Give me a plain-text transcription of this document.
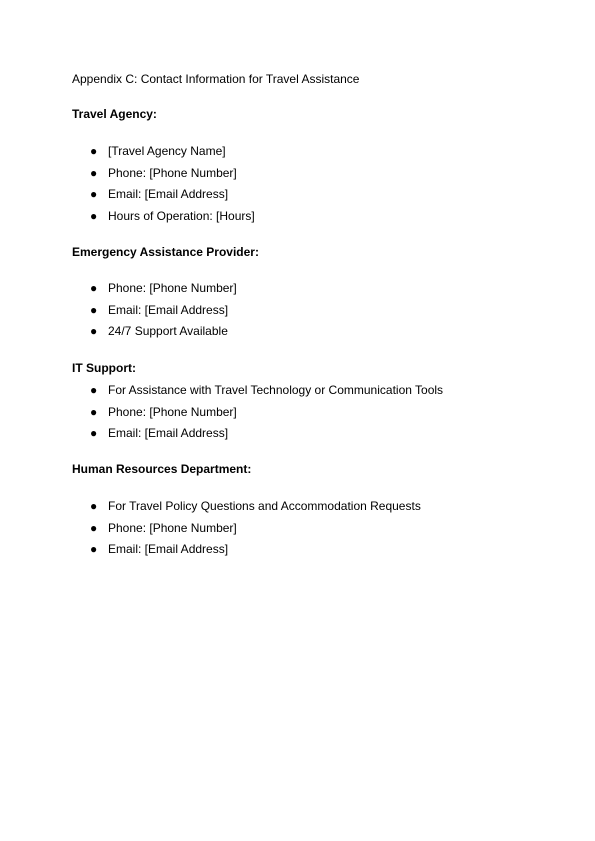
Appendix C: Contact Information for Travel Assistance
Travel Agency:
● [Travel Agency Name]
● Phone: [Phone Number]
● Email: [Email Address]
● Hours of Operation: [Hours]
Emergency Assistance Provider:
● Phone: [Phone Number]
● Email: [Email Address]
● 24/7 Support Available
IT Support:
● For Assistance with Travel Technology or Communication Tools
● Phone: [Phone Number]
● Email: [Email Address]
Human Resources Department:
● For Travel Policy Questions and Accommodation Requests
● Phone: [Phone Number]
● Email: [Email Address]
